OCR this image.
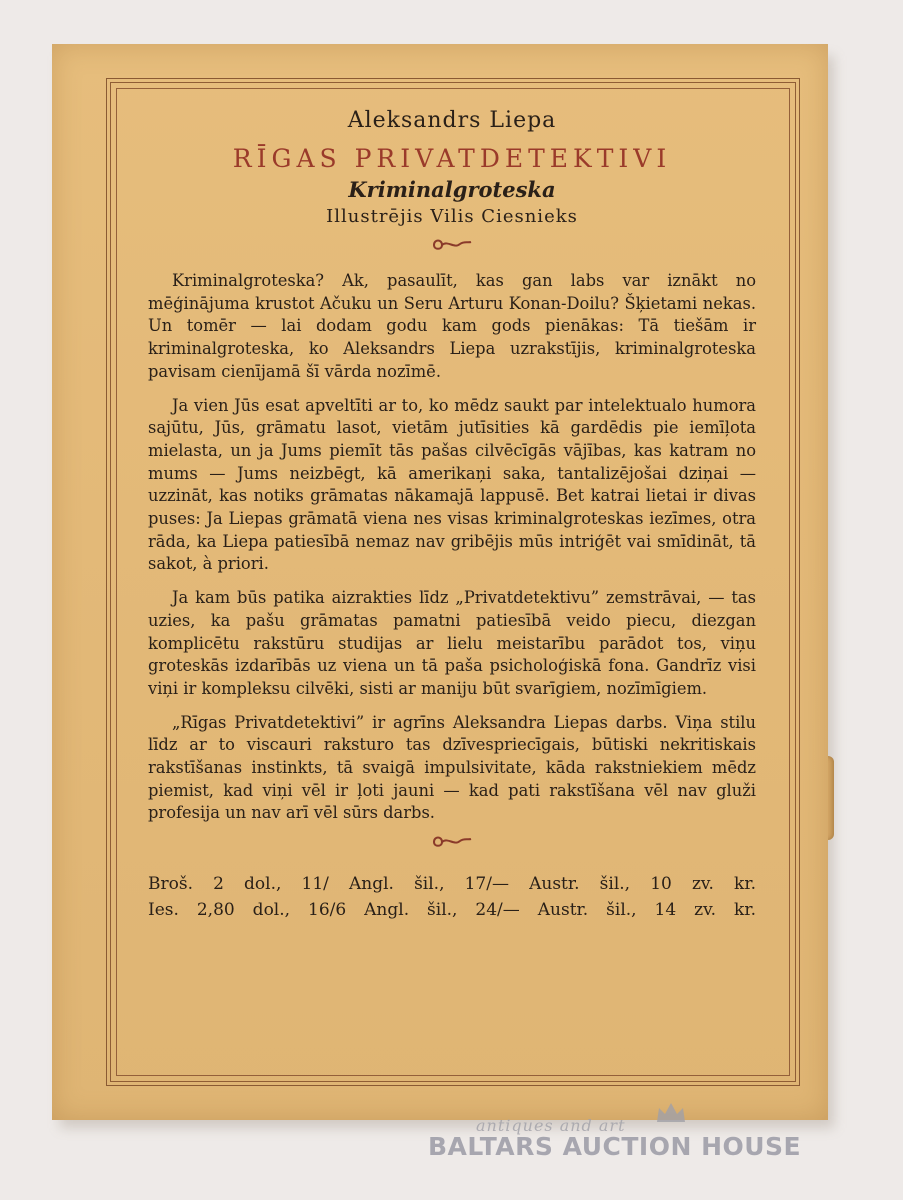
Aleksandrs Liepa

RĪGAS PRIVATDETEKTIVI

Kriminalgroteska

Illustrējis Vilis Ciesnieks

Kriminalgroteska? Ak, pasaulīt, kas gan labs var iznākt no mēģinājuma krustot Ačuku un Seru Arturu Konan-Doilu? Šķietami nekas. Un tomēr — lai dodam godu kam gods pienākas: Tā tiešām ir kriminalgroteska, ko Aleksandrs Liepa uzrakstījis, kriminalgroteska pavisam cienījamā šī vārda nozīmē.

Ja vien Jūs esat apveltīti ar to, ko mēdz saukt par intelektualo humora sajūtu, Jūs, grāmatu lasot, vietām jutīsities kā gardēdis pie iemīļota mielasta, un ja Jums piemīt tās pašas cilvēcīgās vājības, kas katram no mums — Jums neizbēgt, kā amerikaņi saka, tantalizējošai dziņai — uzzināt, kas notiks grāmatas nākamajā lappusē. Bet katrai lietai ir divas puses: Ja Liepas grāmatā viena nes visas kriminalgroteskas iezīmes, otra rāda, ka Liepa patiesībā nemaz nav gribējis mūs intriģēt vai smīdināt, tā sakot, à priori.

Ja kam būs patika aizrakties līdz „Privatdetektivu” zemstrāvai, — tas uzies, ka pašu grāmatas pamatni patiesībā veido piecu, diezgan komplicētu rakstūru studijas ar lielu meistarību parādot tos, viņu groteskās izdarībās uz viena un tā paša psicholoģiskā fona. Gandrīz visi viņi ir kompleksu cilvēki, sisti ar maniju būt svarīgiem, nozīmīgiem.

„Rīgas Privatdetektivi” ir agrīns Aleksandra Liepas darbs. Viņa stilu līdz ar to viscauri raksturo tas dzīvespriecīgais, būtiski nekritiskais rakstīšanas instinkts, tā svaigā impulsivitate, kāda rakstniekiem mēdz piemist, kad viņi vēl ir ļoti jauni — kad pati rakstīšana vēl nav gluži profesija un nav arī vēl sūrs darbs.

Broš. 2 dol., 11/ Angl. šil., 17/— Austr. šil., 10 zv. kr.

Ies. 2,80 dol., 16/6 Angl. šil., 24/— Austr. šil., 14 zv. kr.

antiques and art
BALTARS AUCTION HOUSE
